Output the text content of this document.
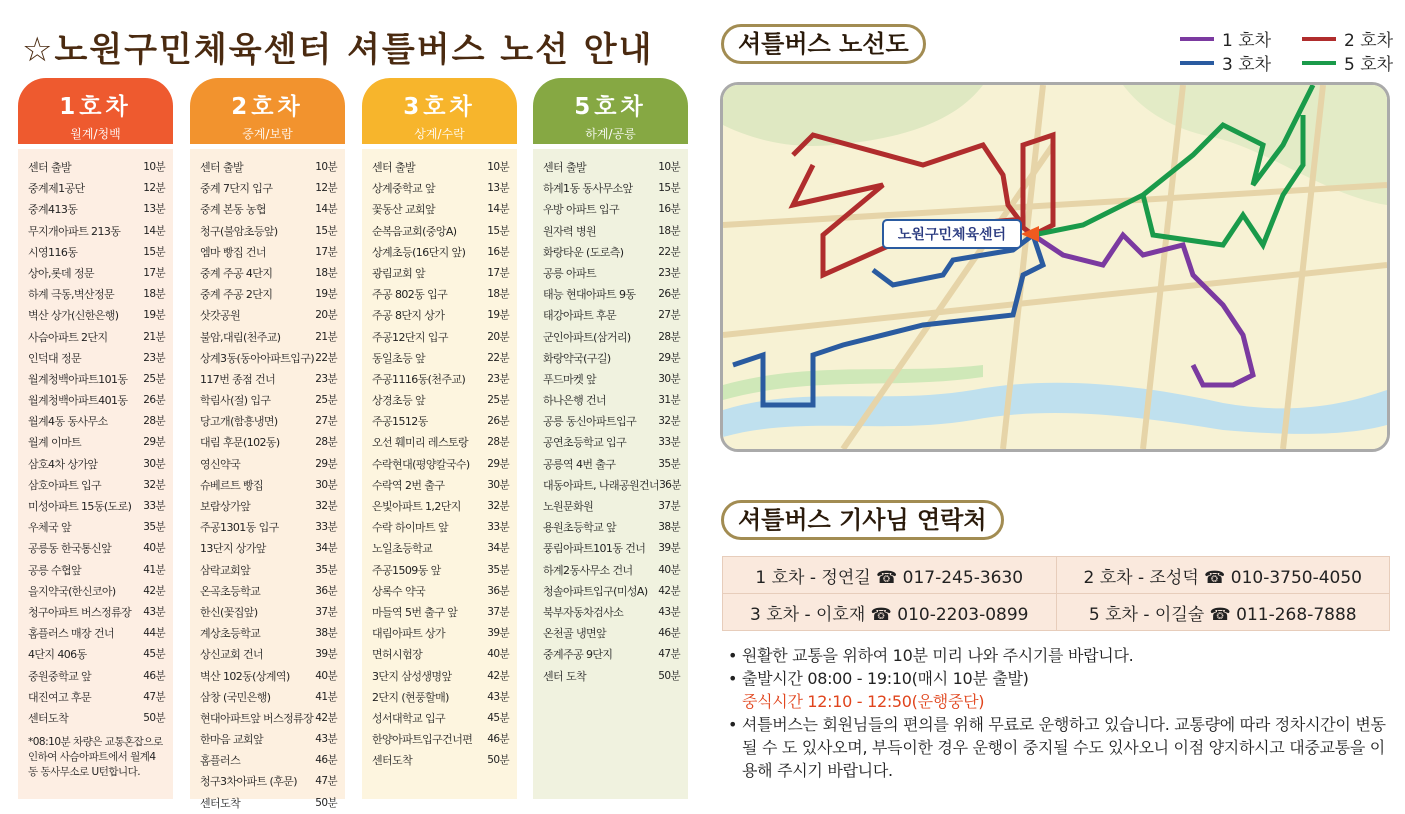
☆노원구민체육센터 셔틀버스 노선 안내
1호차
월계/청백
센터 출발	10분
중계제1공단	12분
중계413동	13분
무지개아파트 213동 14분
시영116동	15분
상아,롯데 정문	17분
하계 극동,벽산정문	18분
벽산 상가(신한은행) 19분
사슴아파트 2단지	21분
인덕대 정문	23분
월계청백아파트101동 25분
월계청백아파트401동 26분
월계4동 동사무소	28분
월계 이마트	29분
삼호4차 상가앞	30분
삼호아파트 입구	32분
미성아파트 15동(도로) 33분
우체국 앞	35분
공릉동 한국통신앞	40분
공릉 수협앞	41분
을지약국(한신코아)	42분
청구아파트 버스정류장 43분
홈플러스 매장 건너	44분
4단지 406동	45분
중원중학교 앞	46분
대진여고 후문	47분
센터도착	50분
*08:10분 차량은 교통혼잡으로 인하여 사슴아파트에서 월계4동 동사무소로 U턴합니다.
2호차
중계/보람
센터 출발	10분
중계 7단지 입구	12분
중계 본동 농협	14분
청구(불암초등앞)	15분
엠마 빵집 건너	17분
중계 주공 4단지	18분
중계 주공 2단지	19분
삿갓공원	20분
불암,대림(천주교)	21분
상계3동(동아아파트입구) 22분
117번 종점 건너	23분
학림사(절) 입구	25분
당고개(함흥냉면)	27분
대림 후문(102동)	28분
영신약국	29분
슈베르트 빵집	30분
보람상가앞	32분
주공1301동 입구	33분
13단지 상가앞	34분
삼락교회앞	35분
온곡초등학교	36분
한신(꽃집앞)	37분
계상초등학교	38분
상신교회 건너	39분
벽산 102동(상계역) 40분
삼창 (국민은행)	41분
현대아파트앞 버스정류장 42분
한마음 교회앞	43분
홈플러스	46분
청구3차아파트 (후문) 47분
센터도착	50분
3호차
상계/수락
센터 출발	10분
상계중학교 앞	13분
꽃동산 교회앞	14분
순복음교회(중앙A)	15분
상계초등(16단지 앞) 16분
광림교회 앞	17분
주공 802동 입구	18분
주공 8단지 상가	19분
주공12단지 입구	20분
동일초등 앞	22분
주공1116동(천주교) 23분
상경초등 앞	25분
주공1512동	26분
오선 훼미리 레스토랑 28분
수락현대(평양칼국수) 29분
수락역 2번 출구	30분
은빛아파트 1,2단지	32분
수락 하이마트 앞	33분
노일초등학교	34분
주공1509동 앞	35분
상록수 약국	36분
마들역 5번 출구 앞	37분
대림아파트 상가	39분
면허시험장	40분
3단지 삼성생명앞	42분
2단지 (현풍할매)	43분
성서대학교 입구	45분
한양아파트입구건너편 46분
센터도착	50분
5호차
하계/공릉
센터 출발	10분
하계1동 동사무소앞 15분
우방 아파트 입구	16분
원자력 병원	18분
화랑타운 (도로측)	22분
공릉 아파트	23분
태능 현대아파트 9동 26분
태강아파트 후문	27분
군인아파트(삼거리)	28분
화랑약국(구길)	29분
푸드마켓 앞	30분
하나은행 건너	31분
공릉 동신아파트입구 32분
공연초등학교 입구	33분
공릉역 4번 출구	35분
대동아파트, 나래공원건너 36분
노원문화원	37분
용원초등학교 앞	38분
풍림아파트101동 건너 39분
하계2동사무소 건너 40분
청솔아파트입구(미성A) 42분
북부자동차검사소	43분
온천골 냉면앞	46분
중계주공 9단지	47분
센터 도착	50분
셔틀버스 노선도	1 호차	2 호차
3 호차	5 호차
노원구민체육센터
셔틀버스 기사님 연락처
1 호차 - 정연길 ☎ 017-245-3630	2 호차 - 조성덕 ☎ 010-3750-4050
3 호차 - 이호재 ☎ 010-2203-0899	5 호차 - 이길술 ☎ 011-268-7888
• 원활한 교통을 위하여 10분 미리 나와 주시기를 바랍니다.
• 출발시간 08:00 - 19:10(매시 10분 출발)
중식시간 12:10 - 12:50(운행중단)
• 셔틀버스는 회원님들의 편의를 위해 무료로 운행하고 있습니다. 교통량에 따라 정차시간이 변동될 수 도 있사오며, 부득이한 경우 운행이 중지될 수도 있사오니 이점 양지하시고 대중교통을 이용해 주시기 바랍니다.
